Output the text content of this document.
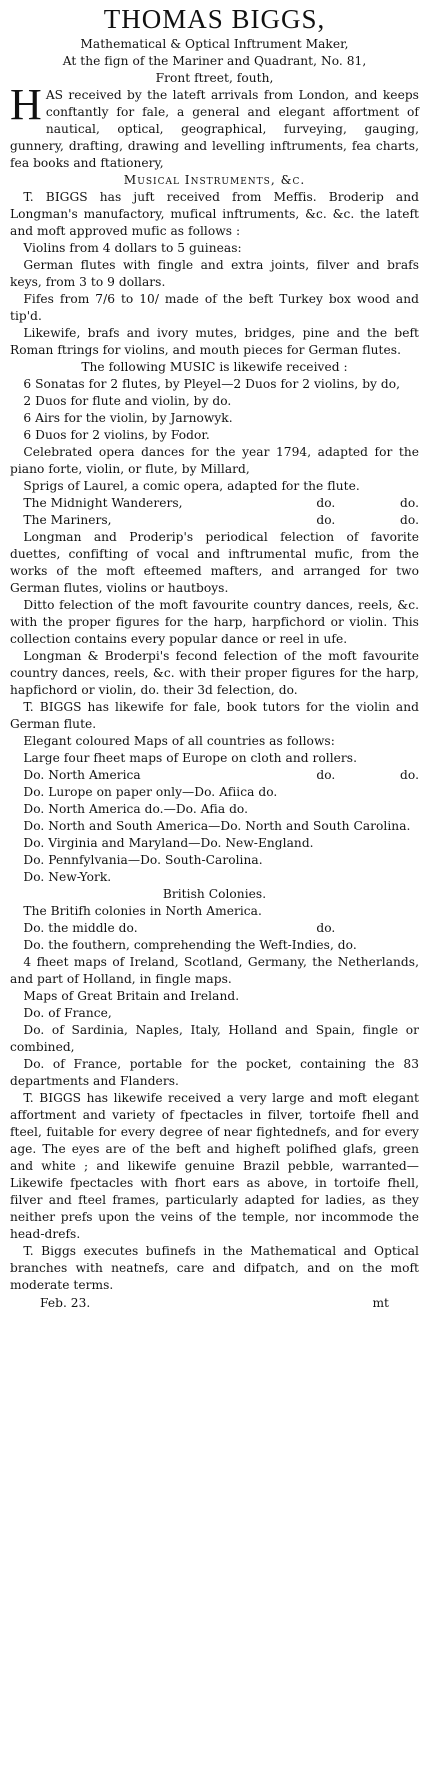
THOMAS BIGGS,
Mathematical & Optical Inftrument Maker,
At the fign of the Mariner and Quadrant, No. 81,
Front ftreet, fouth,
HAS received by the lateft arrivals from London, and keeps conftantly for fale, a general and elegant affortment of nautical, optical, geographical, furveying, gauging, gunnery, drafting, drawing and levelling inftruments, fea charts, fea books and ftationery,
Musical Instruments, &c.
T. BIGGS has juft received from Meffis. Broderip and Longman's manufactory, mufical inftruments, &c. &c. the lateft and moft approved mufic as follows :
Violins from 4 dollars to 5 guineas:
German flutes with fingle and extra joints, filver and brafs keys, from 3 to 9 dollars.
Fifes from 7/6 to 10/ made of the beft Turkey box wood and tip'd.
Likewife, brafs and ivory mutes, bridges, pine and the beft Roman ftrings for violins, and mouth pieces for German flutes.
The following MUSIC is likewife received :
6 Sonatas for 2 flutes, by Pleyel—2 Duos for 2 violins, by do,
2 Duos for flute and violin, by do.
6 Airs for the violin, by Jarnowyk.
6 Duos for 2 violins, by Fodor.
Celebrated opera dances for the year 1794, adapted for the piano forte, violin, or flute, by Millard,
Sprigs of Laurel, a comic opera, adapted for the flute.
The Midnight Wanderers,	do.	do.
The Mariners,	do.	do.
Longman and Proderip's periodical felection of favorite duettes, confifting of vocal and inftrumental mufic, from the works of the moft efteemed mafters, and arranged for two German flutes, violins or hautboys.
Ditto felection of the moft favourite country dances, reels, &c. with the proper figures for the harp, harpfichord or violin. This collection contains every popular dance or reel in ufe.
Longman & Broderpi's fecond felection of the moft favourite country dances, reels, &c. with their proper figures for the harp, hapfichord or violin, do. their 3d felection, do.
T. BIGGS has likewife for fale, book tutors for the violin and German flute.
Elegant coloured Maps of all countries as follows:
Large four fheet maps of Europe on cloth and rollers.
Do. North America	do.	do.
Do. Lurope on paper only—Do. Afiica do.
Do. North America do.—Do. Afia do.
Do. North and South America—Do. North and South Carolina.
Do. Virginia and Maryland—Do. New-England.
Do. Pennfylvania—Do. South-Carolina.
Do. New-York.
British Colonies.
The Britifh colonies in North America.
Do. the middle do.	do.
Do. the fouthern, comprehending the Weft-Indies, do.
4 fheet maps of Ireland, Scotland, Germany, the Netherlands, and part of Holland, in fingle maps.
Maps of Great Britain and Ireland.
Do. of France,
Do. of Sardinia, Naples, Italy, Holland and Spain, fingle or combined,
Do. of France, portable for the pocket, containing the 83 departments and Flanders.
T. BIGGS has likewife received a very large and moft elegant affortment and variety of fpectacles in filver, tortoife fhell and fteel, fuitable for every degree of near fightednefs, and for every age. The eyes are of the beft and higheft polifhed glafs, green and white ; and likewife genuine Brazil pebble, warranted—Likewife fpectacles with fhort ears as above, in tortoife fhell, filver and fteel frames, particularly adapted for ladies, as they neither prefs upon the veins of the temple, nor incommode the head-drefs.
T. Biggs executes bufinefs in the Mathematical and Optical branches with neatnefs, care and difpatch, and on the moft moderate terms.
Feb. 23.	mt
